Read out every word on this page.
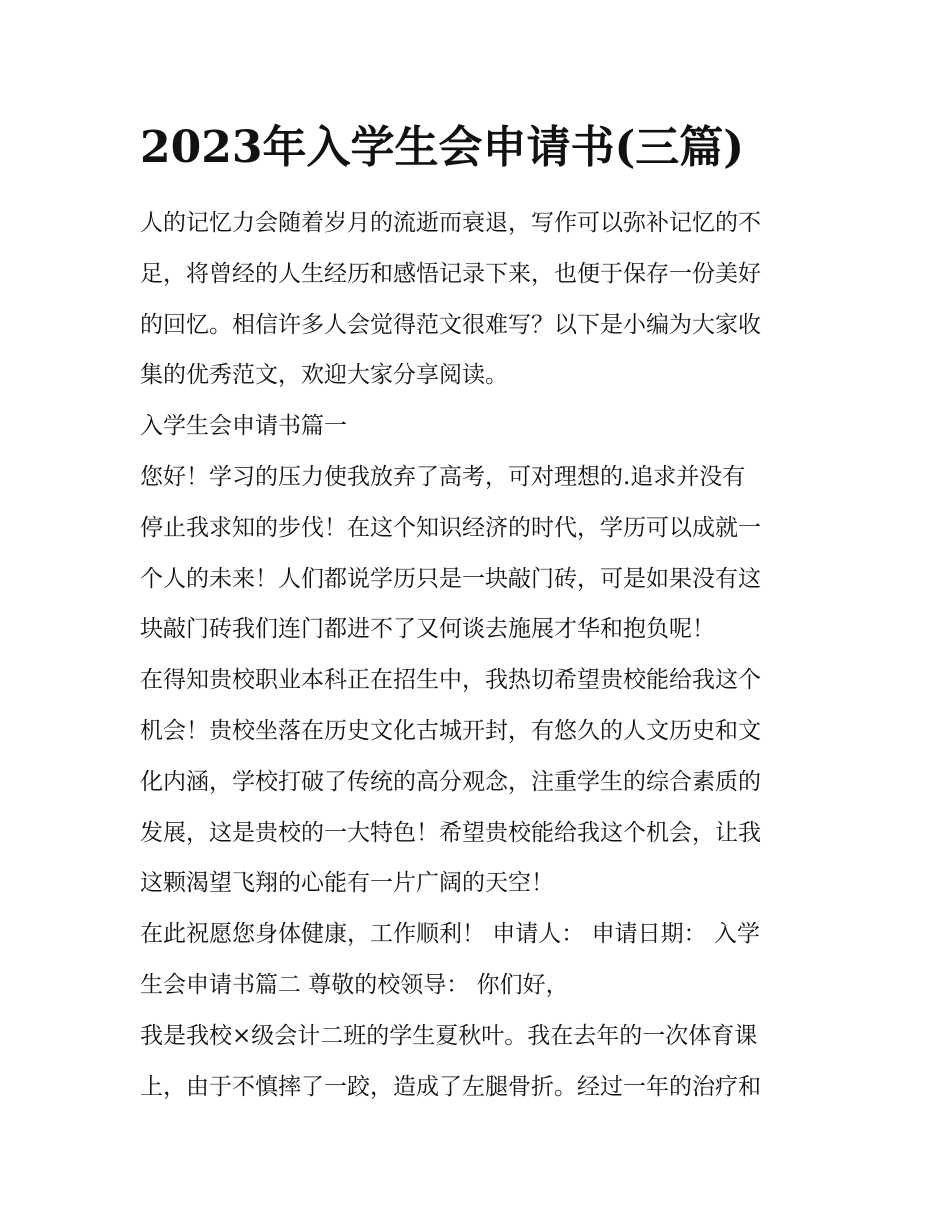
2023年入学生会申请书(三篇)
人的记忆力会随着岁月的流逝而衰退，写作可以弥补记忆的不
足，将曾经的人生经历和感悟记录下来，也便于保存一份美好
的回忆。相信许多人会觉得范文很难写？以下是小编为大家收
集的优秀范文，欢迎大家分享阅读。
入学生会申请书篇一
您好！学习的压力使我放弃了高考，可对理想的.追求并没有
停止我求知的步伐！在这个知识经济的时代，学历可以成就一
个人的未来！人们都说学历只是一块敲门砖，可是如果没有这
块敲门砖我们连门都进不了又何谈去施展才华和抱负呢！
在得知贵校职业本科正在招生中，我热切希望贵校能给我这个
机会！贵校坐落在历史文化古城开封，有悠久的人文历史和文
化内涵，学校打破了传统的高分观念，注重学生的综合素质的
发展，这是贵校的一大特色！希望贵校能给我这个机会，让我
这颗渴望飞翔的心能有一片广阔的天空！
在此祝愿您身体健康，工作顺利！ 申请人： 申请日期： 入学
生会申请书篇二 尊敬的校领导： 你们好，
我是我校×级会计二班的学生夏秋叶。我在去年的一次体育课
上，由于不慎摔了一跤，造成了左腿骨折。经过一年的治疗和
